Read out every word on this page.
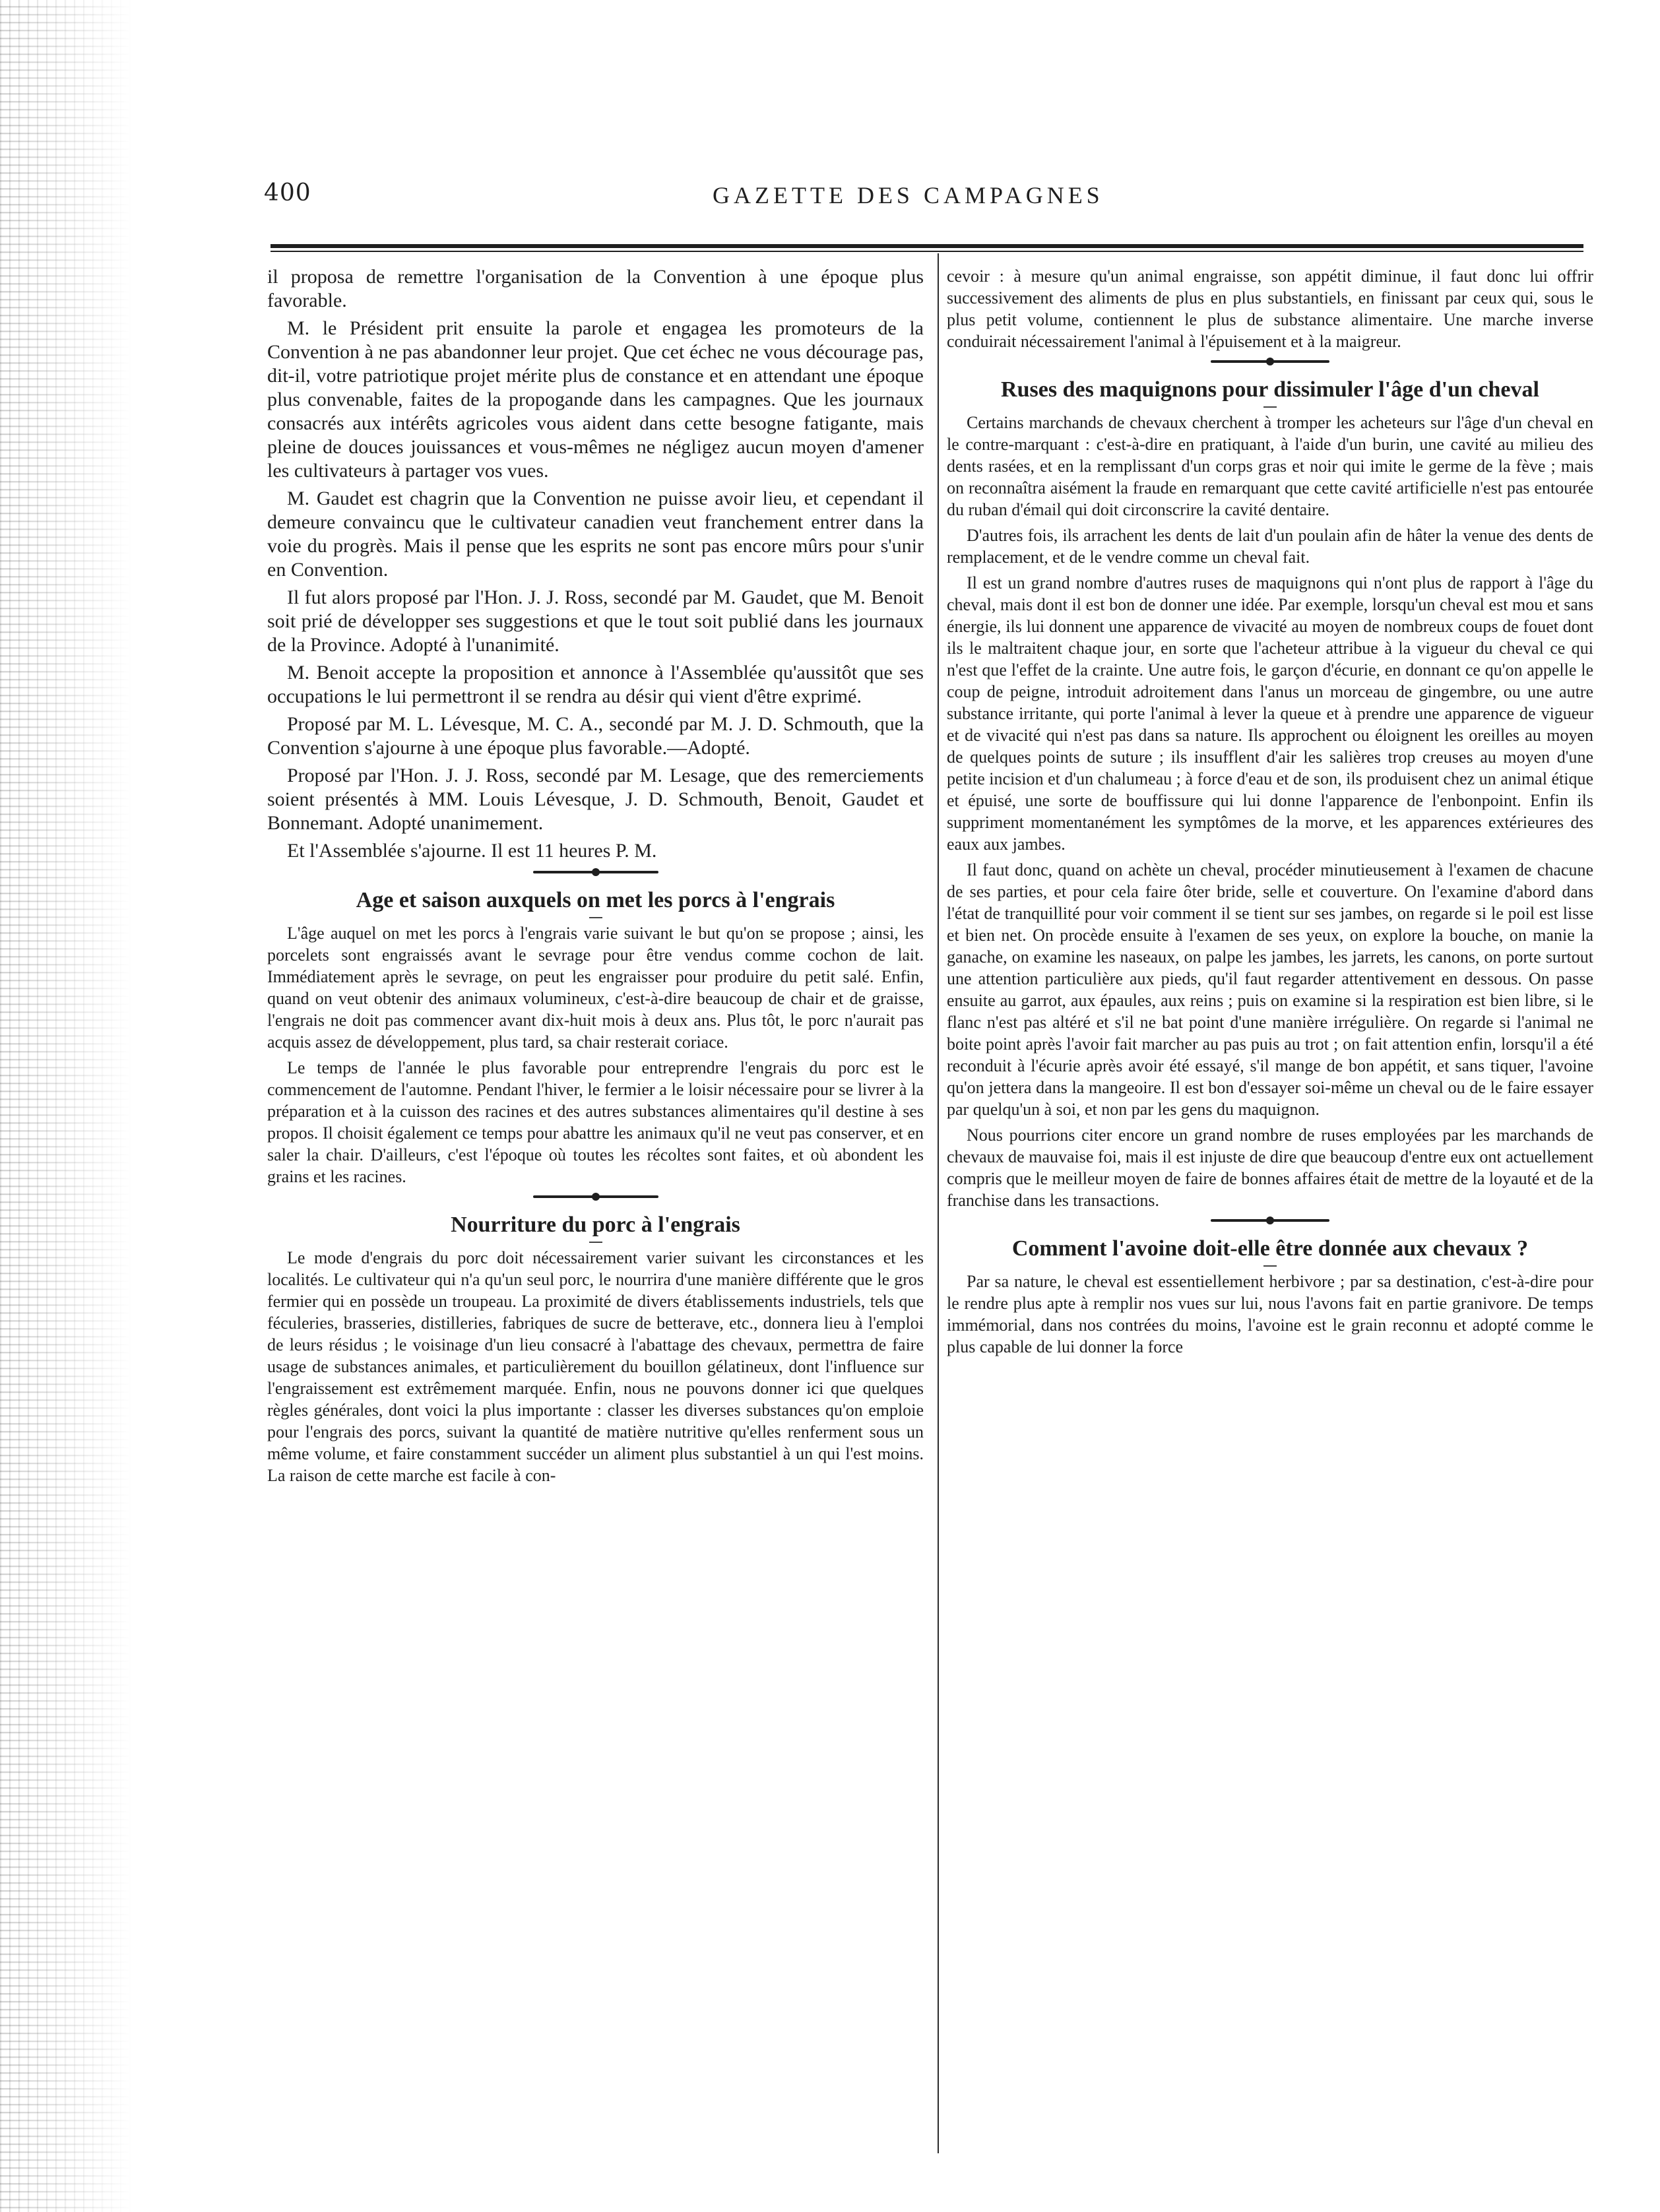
400	GAZETTE DES CAMPAGNES

il proposa de remettre l'organisation de la Convention à une époque plus favorable.

M. le Président prit ensuite la parole et engagea les promoteurs de la Convention à ne pas abandonner leur projet. Que cet échec ne vous décourage pas, dit-il, votre patriotique projet mérite plus de constance et en attendant une époque plus convenable, faites de la propogande dans les campagnes. Que les journaux consacrés aux intérêts agricoles vous aident dans cette besogne fatigante, mais pleine de douces jouissances et vous-mêmes ne négligez aucun moyen d'amener les cultivateurs à partager vos vues.

M. Gaudet est chagrin que la Convention ne puisse avoir lieu, et cependant il demeure convaincu que le cultivateur canadien veut franchement entrer dans la voie du progrès. Mais il pense que les esprits ne sont pas encore mûrs pour s'unir en Convention.

Il fut alors proposé par l'Hon. J. J. Ross, secondé par M. Gaudet, que M. Benoit soit prié de développer ses suggestions et que le tout soit publié dans les journaux de la Province. Adopté à l'unanimité.

M. Benoit accepte la proposition et annonce à l'Assemblée qu'aussitôt que ses occupations le lui permettront il se rendra au désir qui vient d'être exprimé.

Proposé par M. L. Lévesque, M. C. A., secondé par M. J. D. Schmouth, que la Convention s'ajourne à une époque plus favorable.—Adopté.

Proposé par l'Hon. J. J. Ross, secondé par M. Lesage, que des remerciements soient présentés à MM. Louis Lévesque, J. D. Schmouth, Benoit, Gaudet et Bonnemant. Adopté unanimement.

Et l'Assemblée s'ajourne. Il est 11 heures P. M.

Age et saison auxquels on met les porcs à l'engrais

L'âge auquel on met les porcs à l'engrais varie suivant le but qu'on se propose ; ainsi, les porcelets sont engraissés avant le sevrage pour être vendus comme cochon de lait. Immédiatement après le sevrage, on peut les engraisser pour produire du petit salé. Enfin, quand on veut obtenir des animaux volumineux, c'est-à-dire beaucoup de chair et de graisse, l'engrais ne doit pas commencer avant dix-huit mois à deux ans. Plus tôt, le porc n'aurait pas acquis assez de développement, plus tard, sa chair resterait coriace.

Le temps de l'année le plus favorable pour entreprendre l'engrais du porc est le commencement de l'automne. Pendant l'hiver, le fermier a le loisir nécessaire pour se livrer à la préparation et à la cuisson des racines et des autres substances alimentaires qu'il destine à ses propos. Il choisit également ce temps pour abattre les animaux qu'il ne veut pas conserver, et en saler la chair. D'ailleurs, c'est l'époque où toutes les récoltes sont faites, et où abondent les grains et les racines.

Nourriture du porc à l'engrais

Le mode d'engrais du porc doit nécessairement varier suivant les circonstances et les localités. Le cultivateur qui n'a qu'un seul porc, le nourrira d'une manière différente que le gros fermier qui en possède un troupeau. La proximité de divers établissements industriels, tels que féculeries, brasseries, distilleries, fabriques de sucre de betterave, etc., donnera lieu à l'emploi de leurs résidus ; le voisinage d'un lieu consacré à l'abattage des chevaux, permettra de faire usage de substances animales, et particulièrement du bouillon gélatineux, dont l'influence sur l'engraissement est extrêmement marquée. Enfin, nous ne pouvons donner ici que quelques règles générales, dont voici la plus importante : classer les diverses substances qu'on emploie pour l'engrais des porcs, suivant la quantité de matière nutritive qu'elles renferment sous un même volume, et faire constamment succéder un aliment plus substantiel à un qui l'est moins. La raison de cette marche est facile à con-

cevoir : à mesure qu'un animal engraisse, son appétit diminue, il faut donc lui offrir successivement des aliments de plus en plus substantiels, en finissant par ceux qui, sous le plus petit volume, contiennent le plus de substance alimentaire. Une marche inverse conduirait nécessairement l'animal à l'épuisement et à la maigreur.

Ruses des maquignons pour dissimuler l'âge d'un cheval

Certains marchands de chevaux cherchent à tromper les acheteurs sur l'âge d'un cheval en le contre-marquant : c'est-à-dire en pratiquant, à l'aide d'un burin, une cavité au milieu des dents rasées, et en la remplissant d'un corps gras et noir qui imite le germe de la fève ; mais on reconnaîtra aisément la fraude en remarquant que cette cavité artificielle n'est pas entourée du ruban d'émail qui doit circonscrire la cavité dentaire.

D'autres fois, ils arrachent les dents de lait d'un poulain afin de hâter la venue des dents de remplacement, et de le vendre comme un cheval fait.

Il est un grand nombre d'autres ruses de maquignons qui n'ont plus de rapport à l'âge du cheval, mais dont il est bon de donner une idée. Par exemple, lorsqu'un cheval est mou et sans énergie, ils lui donnent une apparence de vivacité au moyen de nombreux coups de fouet dont ils le maltraitent chaque jour, en sorte que l'acheteur attribue à la vigueur du cheval ce qui n'est que l'effet de la crainte. Une autre fois, le garçon d'écurie, en donnant ce qu'on appelle le coup de peigne, introduit adroitement dans l'anus un morceau de gingembre, ou une autre substance irritante, qui porte l'animal à lever la queue et à prendre une apparence de vigueur et de vivacité qui n'est pas dans sa nature. Ils approchent ou éloignent les oreilles au moyen de quelques points de suture ; ils insufflent d'air les salières trop creuses au moyen d'une petite incision et d'un chalumeau ; à force d'eau et de son, ils produisent chez un animal étique et épuisé, une sorte de bouffissure qui lui donne l'apparence de l'enbonpoint. Enfin ils suppriment momentanément les symptômes de la morve, et les apparences extérieures des eaux aux jambes.

Il faut donc, quand on achète un cheval, procéder minutieusement à l'examen de chacune de ses parties, et pour cela faire ôter bride, selle et couverture. On l'examine d'abord dans l'état de tranquillité pour voir comment il se tient sur ses jambes, on regarde si le poil est lisse et bien net. On procède ensuite à l'examen de ses yeux, on explore la bouche, on manie la ganache, on examine les naseaux, on palpe les jambes, les jarrets, les canons, on porte surtout une attention particulière aux pieds, qu'il faut regarder attentivement en dessous. On passe ensuite au garrot, aux épaules, aux reins ; puis on examine si la respiration est bien libre, si le flanc n'est pas altéré et s'il ne bat point d'une manière irrégulière. On regarde si l'animal ne boite point après l'avoir fait marcher au pas puis au trot ; on fait attention enfin, lorsqu'il a été reconduit à l'écurie après avoir été essayé, s'il mange de bon appétit, et sans tiquer, l'avoine qu'on jettera dans la mangeoire. Il est bon d'essayer soi-même un cheval ou de le faire essayer par quelqu'un à soi, et non par les gens du maquignon.

Nous pourrions citer encore un grand nombre de ruses employées par les marchands de chevaux de mauvaise foi, mais il est injuste de dire que beaucoup d'entre eux ont actuellement compris que le meilleur moyen de faire de bonnes affaires était de mettre de la loyauté et de la franchise dans les transactions.

Comment l'avoine doit-elle être donnée aux chevaux ?

Par sa nature, le cheval est essentiellement herbivore ; par sa destination, c'est-à-dire pour le rendre plus apte à remplir nos vues sur lui, nous l'avons fait en partie granivore. De temps immémorial, dans nos contrées du moins, l'avoine est le grain reconnu et adopté comme le plus capable de lui donner la force
